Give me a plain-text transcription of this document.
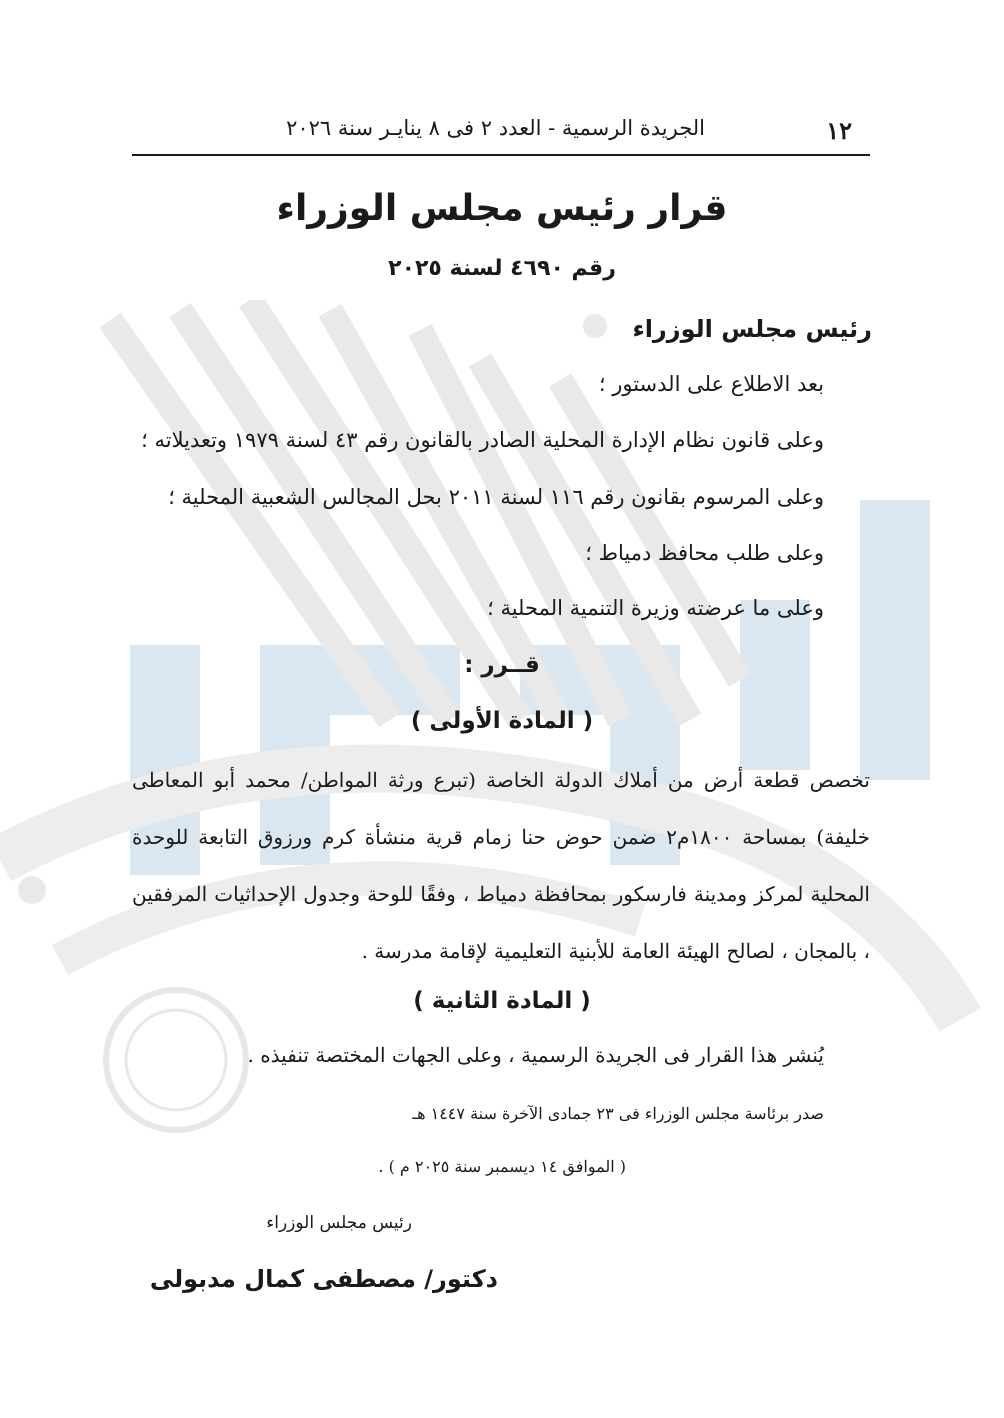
١٢
الجريدة الرسمية - العدد ٢ فى ٨ ينايـر سنة ٢٠٢٦
قرار رئيس مجلس الوزراء
رقم ٤٦٩٠ لسنة ٢٠٢٥
رئيس مجلس الوزراء
بعد الاطلاع على الدستور ؛
وعلى قانون نظام الإدارة المحلية الصادر بالقانون رقم ٤٣ لسنة ١٩٧٩ وتعديلاته ؛
وعلى المرسوم بقانون رقم ١١٦ لسنة ٢٠١١ بحل المجالس الشعبية المحلية ؛
وعلى طلب محافظ دمياط ؛
وعلى ما عرضته وزيرة التنمية المحلية ؛
قــرر :
( المادة الأولى )
تخصص قطعة أرض من أملاك الدولة الخاصة (تبرع ورثة المواطن/ محمد أبو المعاطى خليفة) بمساحة ١٨٠٠م٢ ضمن حوض حنا زمام قرية منشأة كرم ورزوق التابعة للوحدة المحلية لمركز ومدينة فارسكور بمحافظة دمياط ، وفقًا للوحة وجدول الإحداثيات المرفقين ، بالمجان ، لصالح الهيئة العامة للأبنية التعليمية لإقامة مدرسة .
( المادة الثانية )
يُنشر هذا القرار فى الجريدة الرسمية ، وعلى الجهات المختصة تنفيذه .
صدر برئاسة مجلس الوزراء فى ٢٣ جمادى الآخرة سنة ١٤٤٧ هـ
( الموافق ١٤ ديسمبر سنة ٢٠٢٥ م ) .
رئيس مجلس الوزراء
دكتور/ مصطفى كمال مدبولى
